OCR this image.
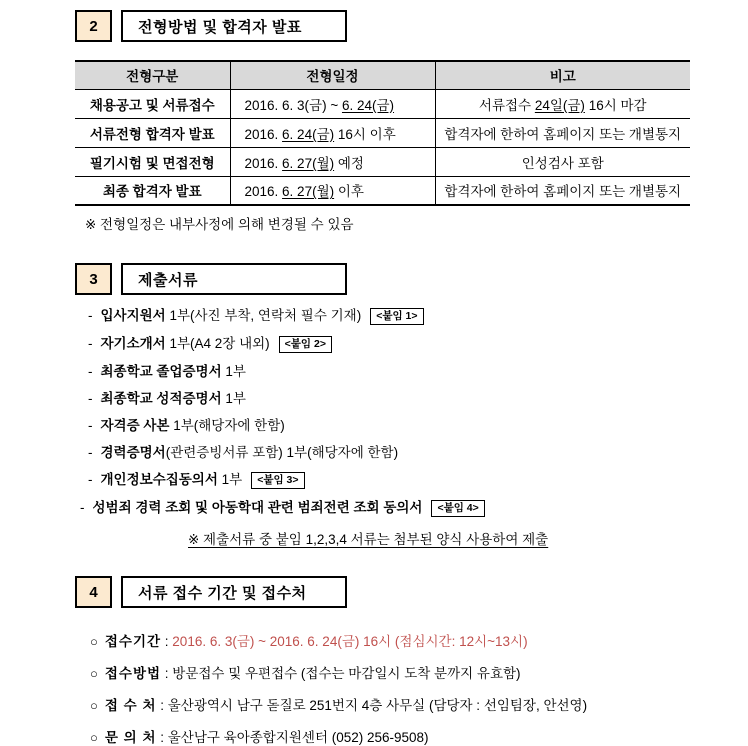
2	전형방법 및 합격자 발표
전형구분	전형일정	비고
채용공고 및 서류접수	2016. 6. 3(금) ~ 6. 24(금)	서류접수 24일(금) 16시 마감
서류전형 합격자 발표	2016. 6. 24(금) 16시 이후	합격자에 한하여 홈페이지 또는 개별통지
필기시험 및 면접전형	2016. 6. 27(월) 예정	인성검사 포함
최종 합격자 발표	2016. 6. 27(월) 이후	합격자에 한하여 홈페이지 또는 개별통지
※ 전형일정은 내부사정에 의해 변경될 수 있음
3	제출서류
- 입사지원서 1부(사진 부착, 연락처 필수 기재) <붙임 1>
- 자기소개서 1부(A4 2장 내외) <붙임 2>
- 최종학교 졸업증명서 1부
- 최종학교 성적증명서 1부
- 자격증 사본 1부(해당자에 한함)
- 경력증명서(관련증빙서류 포함) 1부(해당자에 한함)
- 개인정보수집동의서 1부 <붙임 3>
- 성범죄 경력 조회 및 아동학대 관련 범죄전련 조회 동의서 <붙임 4>
※ 제출서류 중 붙임 1,2,3,4 서류는 첨부된 양식 사용하여 제출
4	서류 접수 기간 및 접수처
○ 접수기간 : 2016. 6. 3(금) ~ 2016. 6. 24(금) 16시 (점심시간: 12시~13시)
○ 접수방법 : 방문접수 및 우편접수 (접수는 마감일시 도착 분까지 유효함)
○ 접 수 처 : 울산광역시 남구 돋질로 251번지 4층 사무실 (담당자 : 선임팀장, 안선영)
○ 문 의 처 : 울산남구 육아종합지원센터 (052) 256-9508)
